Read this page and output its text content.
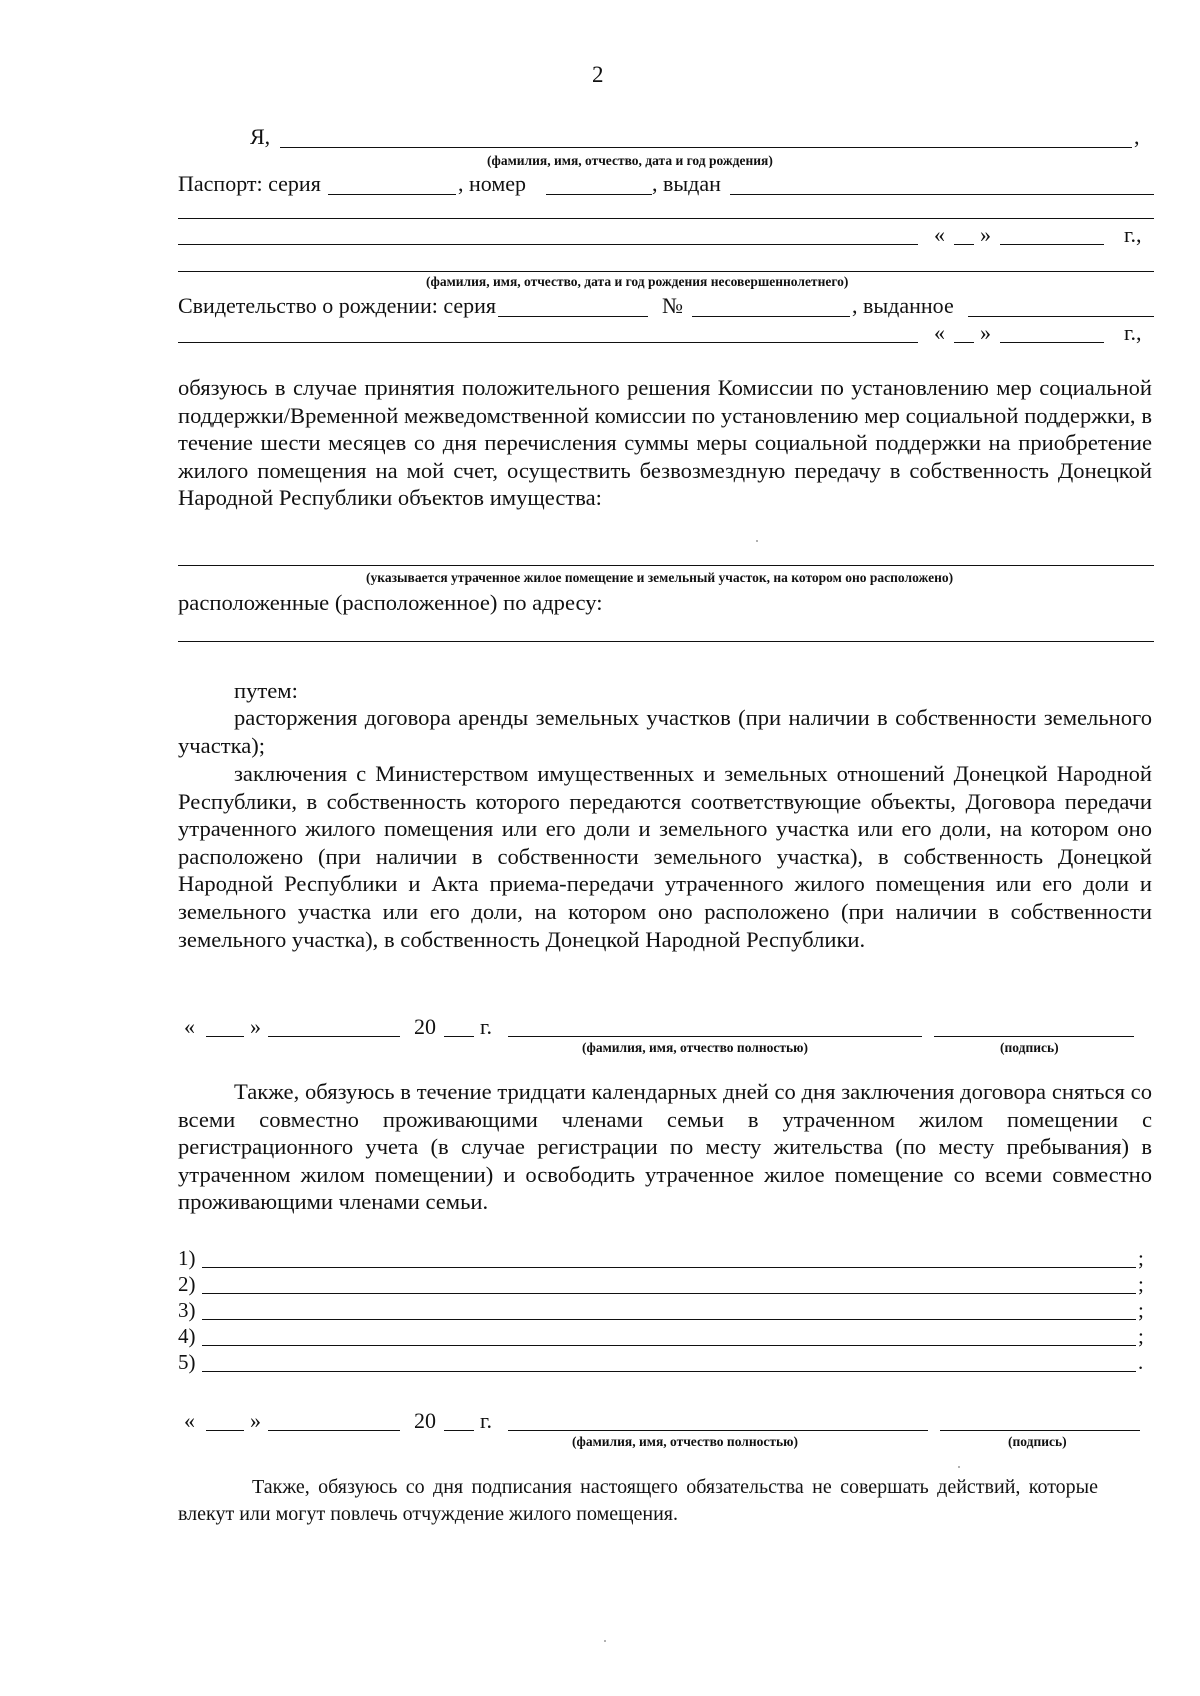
2
Я,	,
(фамилия, имя, отчество, дата и год рождения)
Паспорт: серия	, номер	, выдан
« »	г.,
(фамилия, имя, отчество, дата и год рождения несовершеннолетнего)
Свидетельство о рождении: серия	№	, выданное
« »	г.,
обязуюсь в случае принятия положительного решения Комиссии по установлению мер социальной поддержки/Временной межведомственной комиссии по установлению мер социальной поддержки, в течение шести месяцев со дня перечисления суммы меры социальной поддержки на приобретение жилого помещения на мой счет, осуществить безвозмездную передачу в собственность Донецкой Народной Республики объектов имущества:
(указывается утраченное жилое помещение и земельный участок, на котором оно расположено)
расположенные (расположенное) по адресу:
путем:
расторжения договора аренды земельных участков (при наличии в собственности земельного участка);
заключения с Министерством имущественных и земельных отношений Донецкой Народной Республики, в собственность которого передаются соответствующие объекты, Договора передачи утраченного жилого помещения или его доли и земельного участка или его доли, на котором оно расположено (при наличии в собственности земельного участка), в собственность Донецкой Народной Республики и Акта приема-передачи утраченного жилого помещения или его доли и земельного участка или его доли, на котором оно расположено (при наличии в собственности земельного участка), в собственность Донецкой Народной Республики.
«	»	20 г.
(фамилия, имя, отчество полностью)	(подпись)
Также, обязуюсь в течение тридцати календарных дней со дня заключения договора сняться со всеми совместно проживающими членами семьи в утраченном жилом помещении с регистрационного учета (в случае регистрации по месту жительства (по месту пребывания) в утраченном жилом помещении) и освободить утраченное жилое помещение со всеми совместно проживающими членами семьи.
1)	;
2)	;
3)	;
4)	;
5)	.
«	»	20 г.
(фамилия, имя, отчество полностью)	(подпись)
Также, обязуюсь со дня подписания настоящего обязательства не совершать действий, которые влекут или могут повлечь отчуждение жилого помещения.
